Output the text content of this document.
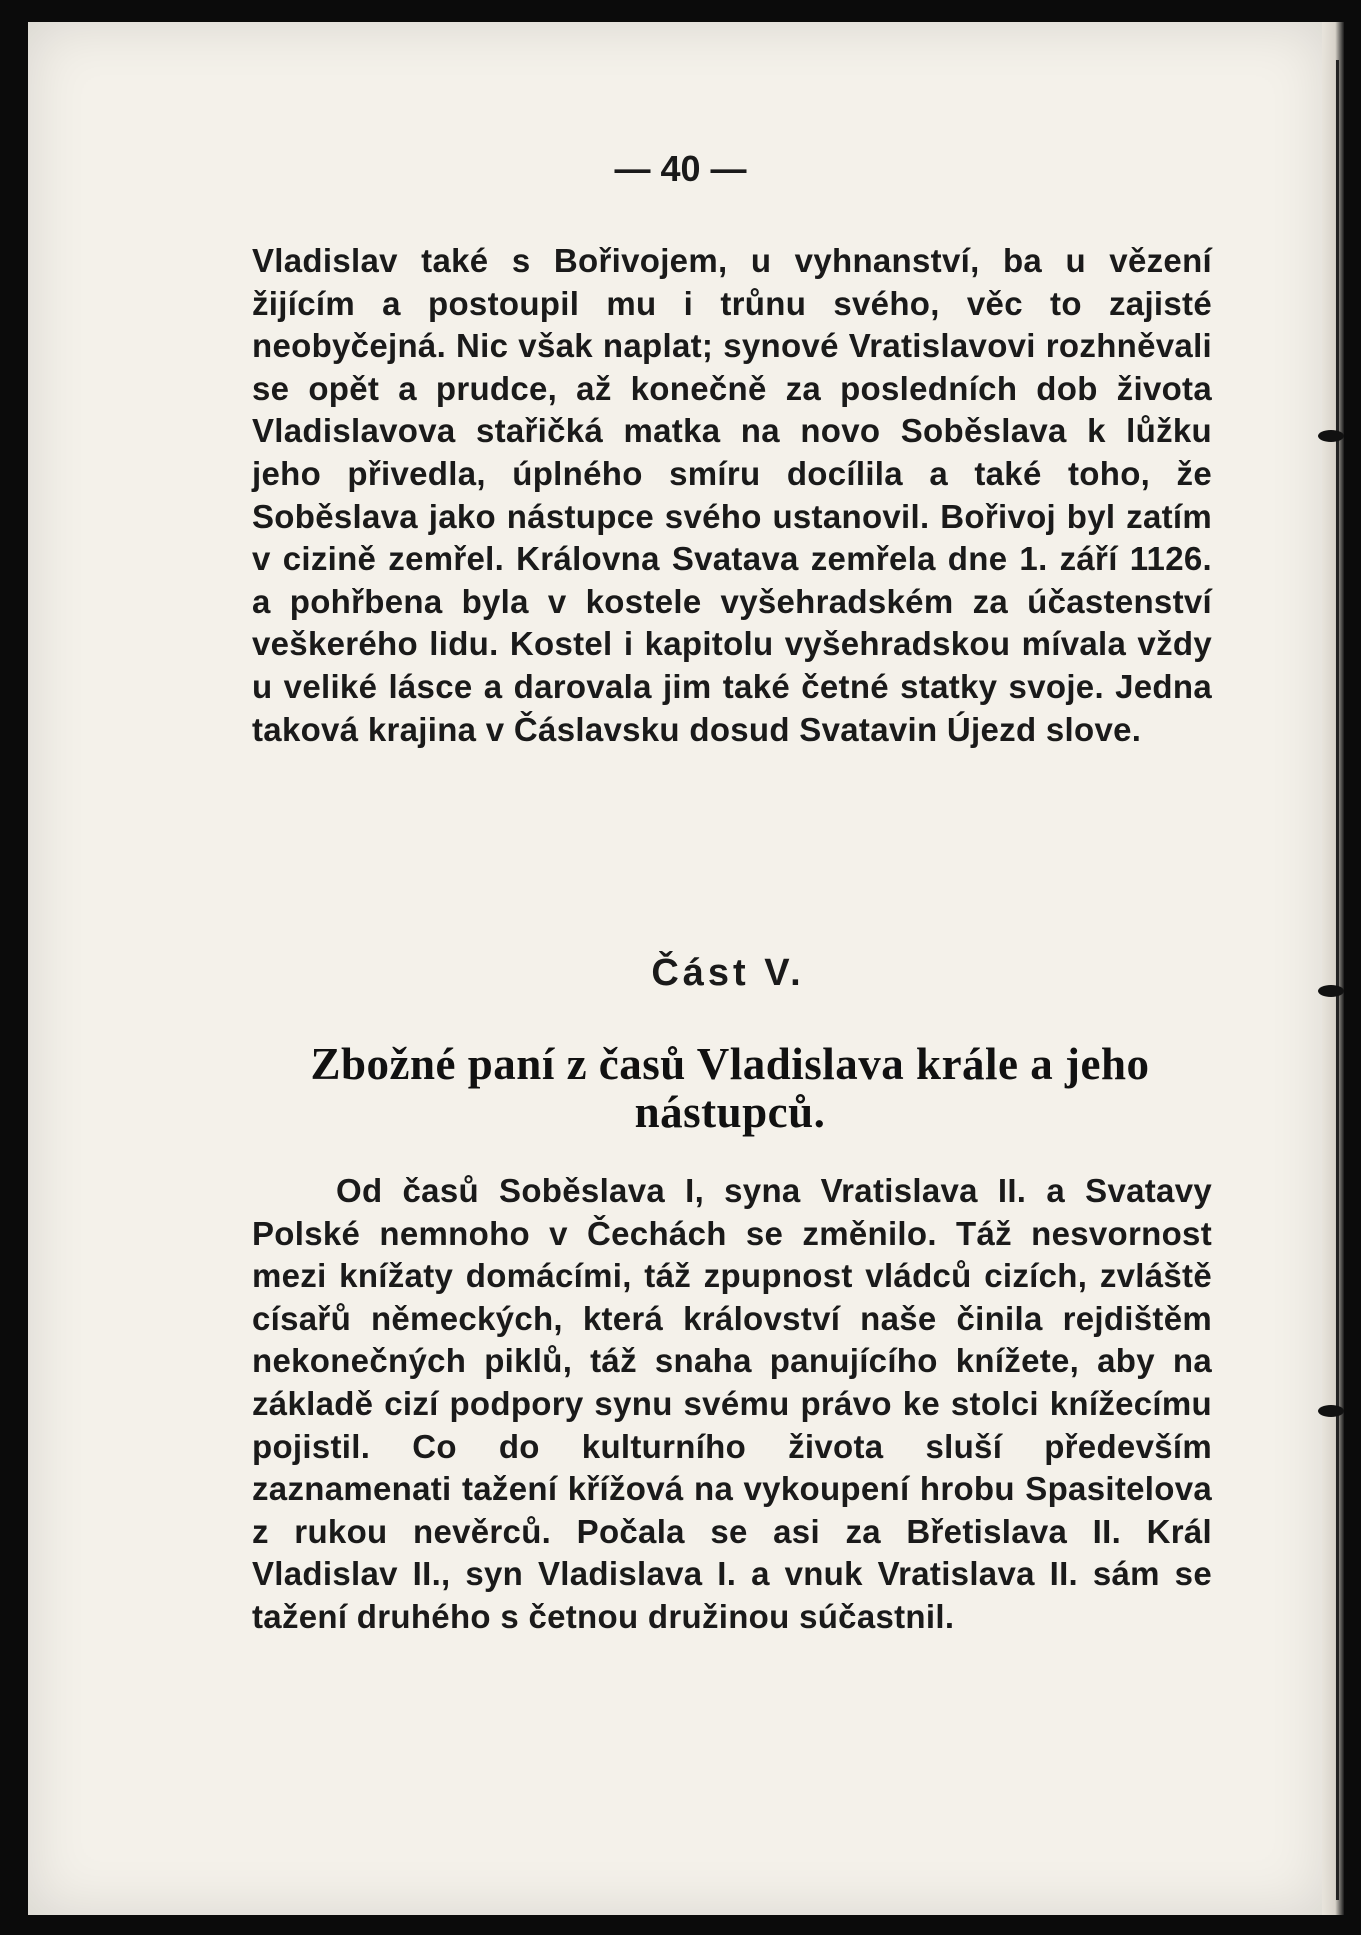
— 40 —
Vladislav také s Bořivojem, u vyhnanství, ba u vězení žijícím a postoupil mu i trůnu svého, věc to zajisté neobyčejná. Nic však naplat; synové Vratislavovi rozhněvali se opět a prudce, až konečně za posledních dob života Vladislavova stařičká matka na novo Soběslava k lůžku jeho přivedla, úplného smíru docílila a také toho, že Soběslava jako nástupce svého ustanovil. Bořivoj byl zatím v cizině zemřel. Královna Svatava zemřela dne 1. září 1126. a pohřbena byla v kostele vyšehradském za účastenství veškerého lidu. Kostel i kapitolu vyšehradskou mívala vždy u veliké lásce a darovala jim také četné statky svoje. Jedna taková krajina v Čáslavsku dosud Svatavin Újezd slove.
Část V.
Zbožné paní z časů Vladislava krále a jeho nástupců.
Od časů Soběslava I, syna Vratislava II. a Svatavy Polské nemnoho v Čechách se změnilo. Táž nesvornost mezi knížaty domácími, táž zpupnost vládců cizích, zvláště císařů německých, která království naše činila rejdištěm nekonečných piklů, táž snaha panujícího knížete, aby na základě cizí podpory synu svému právo ke stolci knížecímu pojistil. Co do kulturního života sluší především zaznamenati tažení křížová na vykoupení hrobu Spasitelova z rukou nevěrců. Počala se asi za Břetislava II. Král Vladislav II., syn Vladislava I. a vnuk Vratislava II. sám se tažení druhého s četnou družinou súčastnil.
